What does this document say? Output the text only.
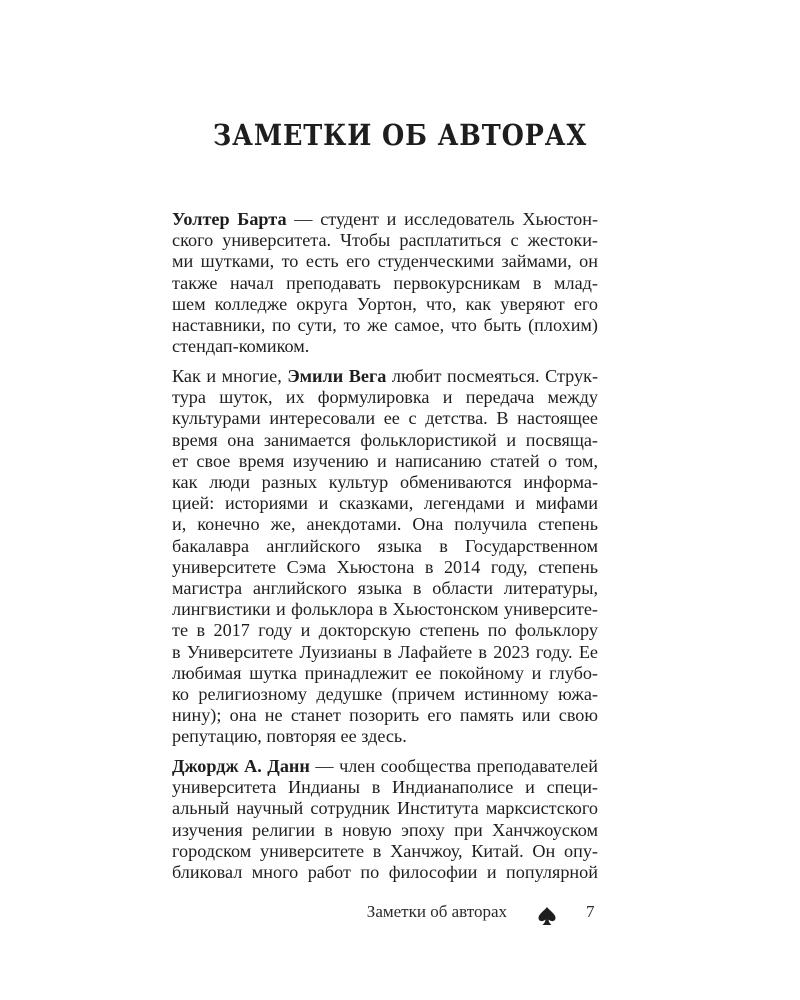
ЗАМЕТКИ ОБ АВТОРАХ

Уолтер Барта — студент и исследователь Хьюстон-
ского университета. Чтобы расплатиться с жестоки-
ми шутками, то есть его студенческими займами, он
также начал преподавать первокурсникам в млад-
шем колледже округа Уортон, что, как уверяют его
наставники, по сути, то же самое, что быть (плохим)
стендап-комиком.

Как и многие, Эмили Вега любит посмеяться. Струк-
тура шуток, их формулировка и передача между
культурами интересовали ее с детства. В настоящее
время она занимается фольклористикой и посвяща-
ет свое время изучению и написанию статей о том,
как люди разных культур обмениваются информа-
цией: историями и сказками, легендами и мифами
и, конечно же, анекдотами. Она получила степень
бакалавра английского языка в Государственном
университете Сэма Хьюстона в 2014 году, степень
магистра английского языка в области литературы,
лингвистики и фольклора в Хьюстонском университе-
те в 2017 году и докторскую степень по фольклору
в Университете Луизианы в Лафайете в 2023 году. Ее
любимая шутка принадлежит ее покойному и глубо-
ко религиозному дедушке (причем истинному южа-
нину); она не станет позорить его память или свою
репутацию, повторяя ее здесь.

Джордж А. Данн — член сообщества преподавателей
университета Индианы в Индианаполисе и специ-
альный научный сотрудник Института марксистского
изучения религии в новую эпоху при Ханчжоуском
городском университете в Ханчжоу, Китай. Он опу-
бликовал много работ по философии и популярной

Заметки об авторах	7
